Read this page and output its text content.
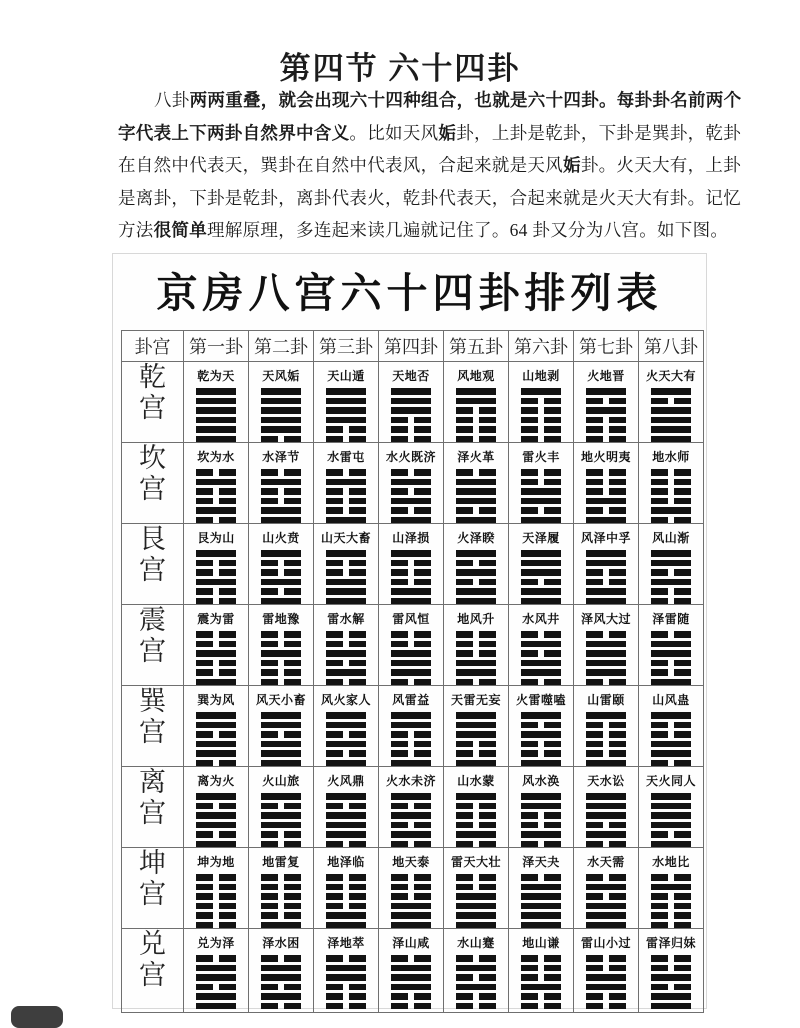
第四节 六十四卦
八卦两两重叠，就会出现六十四种组合，也就是六十四卦。每卦卦名前两个
字代表上下两卦自然界中含义。比如天风姤卦，上卦是乾卦，下卦是巽卦，乾卦
在自然中代表天，巽卦在自然中代表风，合起来就是天风姤卦。火天大有，上卦
是离卦，下卦是乾卦，离卦代表火，乾卦代表天，合起来就是火天大有卦。记忆
方法很简单理解原理，多连起来读几遍就记住了。64 卦又分为八宫。如下图。
京房八宫六十四卦排列表
卦宫	第一卦	第二卦	第三卦	第四卦	第五卦	第六卦	第七卦	第八卦

乾
宫	乾为天	天风姤	天山遁	天地否	风地观	山地剥	火地晋	火天大有

坎
宫	坎为水	水泽节	水雷屯	水火既济	泽火革	雷火丰	地火明夷	地水师

艮
宫	艮为山	山火贲	山天大畜	山泽损	火泽睽	天泽履	风泽中孚	风山渐

震
宫	震为雷	雷地豫	雷水解	雷风恒	地风升	水风井	泽风大过	泽雷随

巽
宫	巽为风	风天小畜	风火家人	风雷益	天雷无妄	火雷噬嗑	山雷颐	山风蛊

离
宫	离为火	火山旅	火风鼎	火水未济	山水蒙	风水涣	天水讼	天火同人

坤
宫	坤为地	地雷复	地泽临	地天泰	雷天大壮	泽天夬	水天需	水地比

兑
宫	兑为泽	泽水困	泽地萃	泽山咸	水山蹇	地山谦	雷山小过	雷泽归妹
